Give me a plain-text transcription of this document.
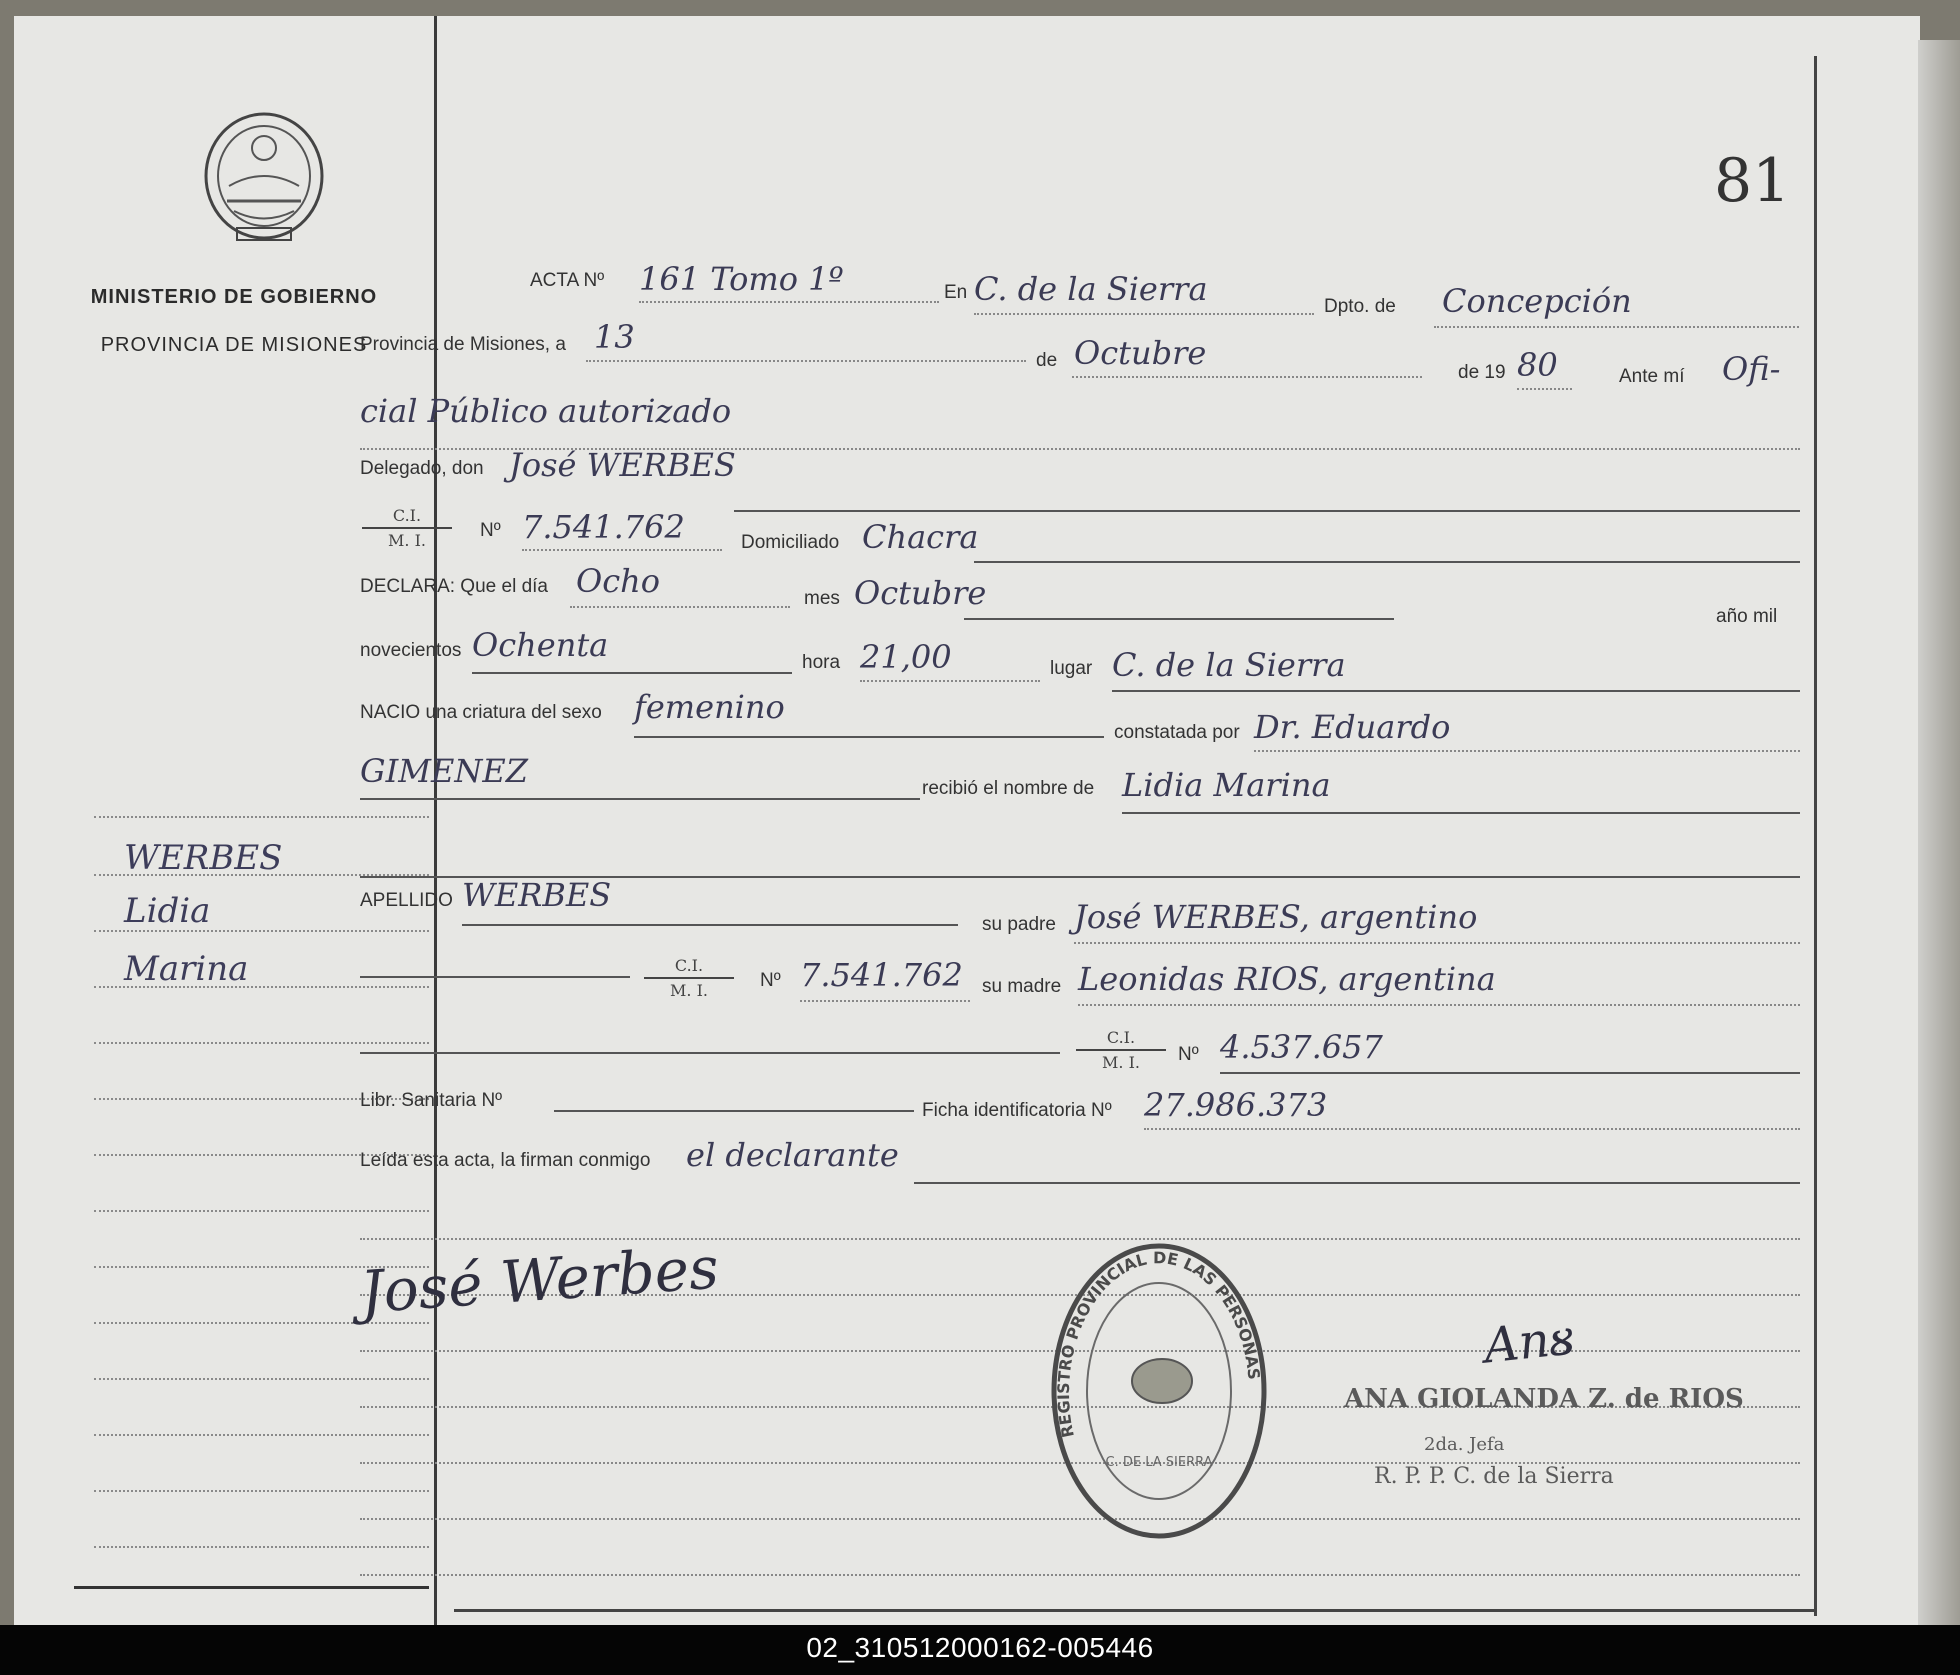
MINISTERIO DE GOBIERNO
PROVINCIA DE MISIONES
WERBES
Lidia
Marina
81
ACTA Nº 161 Tomo 1º	En C. de la Sierra	Dpto. de Concepción
Provincia de Misiones, a 13
de Octubre
de 19 80	Ante mí Ofi-
cial Público autorizado
Delegado, don José WERBES
C.I.
M. I.	Nº 7.541.762	Domiciliado Chacra
DECLARA: Que el día Ocho	mes Octubre
año mil
novecientos Ochenta	hora 21,00	lugar C. de la Sierra
NACIO una criatura del sexo femenino
constatada por Dr. Eduardo
GIMENEZ	recibió el nombre de Lidia Marina
APELLIDO WERBES
su padre José WERBES, argentino
C.I.
M. I.	Nº 7.541.762 su madre Leonidas RIOS, argentina
C.I.
M. I.	Nº 4.537.657
Libr. Sanitaria Nº	Ficha identificatoria Nº 27.986.373
Leída esta acta, la firman conmigo el declarante
José Werbes
REGISTRO PROVINCIAL DE LAS PERSONAS
C. DE LA SIERRA
Anᴕ
ANA GIOLANDA Z. de RIOS
2da. Jefa
R. P. P. C. de la Sierra
02_310512000162-005446
